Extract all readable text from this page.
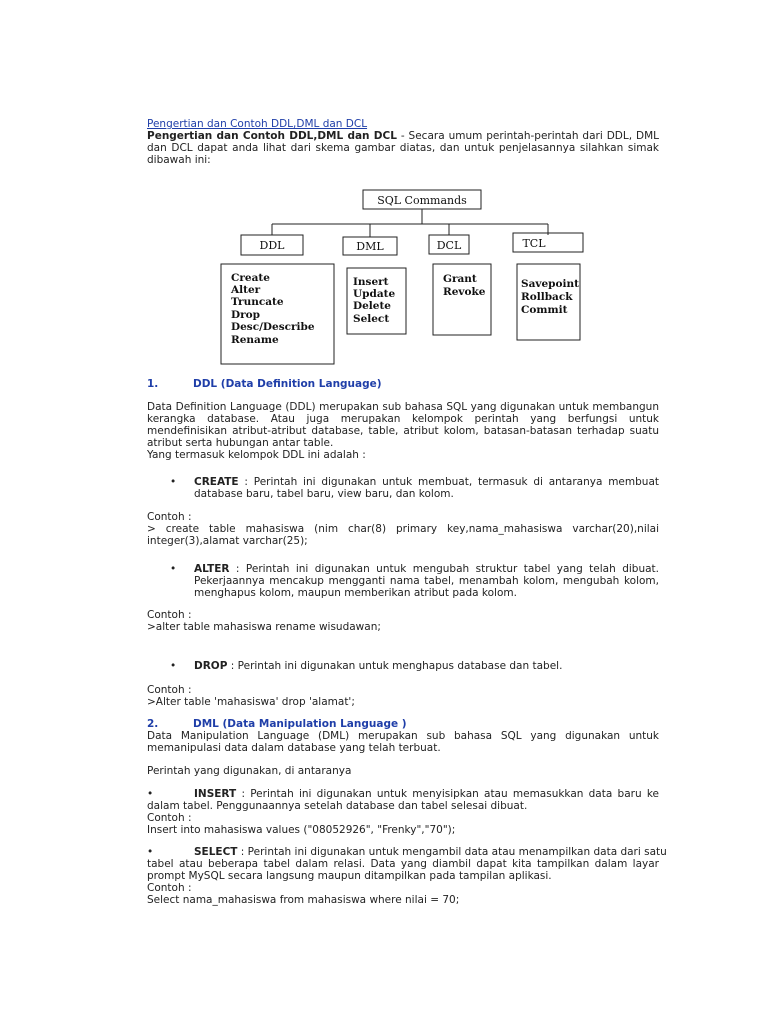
Pengertian dan Contoh DDL,DML dan DCL
Pengertian dan Contoh DDL,DML dan DCL - Secara umum perintah-perintah dari DDL, DML
dan DCL dapat anda lihat dari skema gambar diatas, dan untuk penjelasannya silahkan simak
dibawah ini:
SQL Commands
DDL	DML	DCL	TCL
Create
Alter
Truncate
Drop
Desc/Describe
Rename
Insert
Update
Delete
Select
Grant
Revoke
Savepoint
Rollback
Commit
1.	DDL (Data Definition Language)
Data Definition Language (DDL) merupakan sub bahasa SQL yang digunakan untuk membangun
kerangka database. Atau juga merupakan kelompok perintah yang berfungsi untuk
mendefinisikan atribut-atribut database, table, atribut kolom, batasan-batasan terhadap suatu
atribut serta hubungan antar table.
Yang termasuk kelompok DDL ini adalah :
• CREATE : Perintah ini digunakan untuk membuat, termasuk di antaranya membuat
database baru, tabel baru, view baru, dan kolom.
Contoh :
> create table mahasiswa (nim char(8) primary key,nama_mahasiswa varchar(20),nilai
integer(3),alamat varchar(25);
• ALTER : Perintah ini digunakan untuk mengubah struktur tabel yang telah dibuat.
Pekerjaannya mencakup mengganti nama tabel, menambah kolom, mengubah kolom,
menghapus kolom, maupun memberikan atribut pada kolom.
Contoh :
>alter table mahasiswa rename wisudawan;
• DROP : Perintah ini digunakan untuk menghapus database dan tabel.
Contoh :
>Alter table 'mahasiswa' drop 'alamat';
2.	DML (Data Manipulation Language )
Data Manipulation Language (DML) merupakan sub bahasa SQL yang digunakan untuk
memanipulasi data dalam database yang telah terbuat.
Perintah yang digunakan, di antaranya
•	INSERT : Perintah ini digunakan untuk menyisipkan atau memasukkan data baru ke
dalam tabel. Penggunaannya setelah database dan tabel selesai dibuat.
Contoh :
Insert into mahasiswa values ("08052926", "Frenky","70");
•	SELECT : Perintah ini digunakan untuk mengambil data atau menampilkan data dari satu
tabel atau beberapa tabel dalam relasi. Data yang diambil dapat kita tampilkan dalam layar
prompt MySQL secara langsung maupun ditampilkan pada tampilan aplikasi.
Contoh :
Select nama_mahasiswa from mahasiswa where nilai = 70;
